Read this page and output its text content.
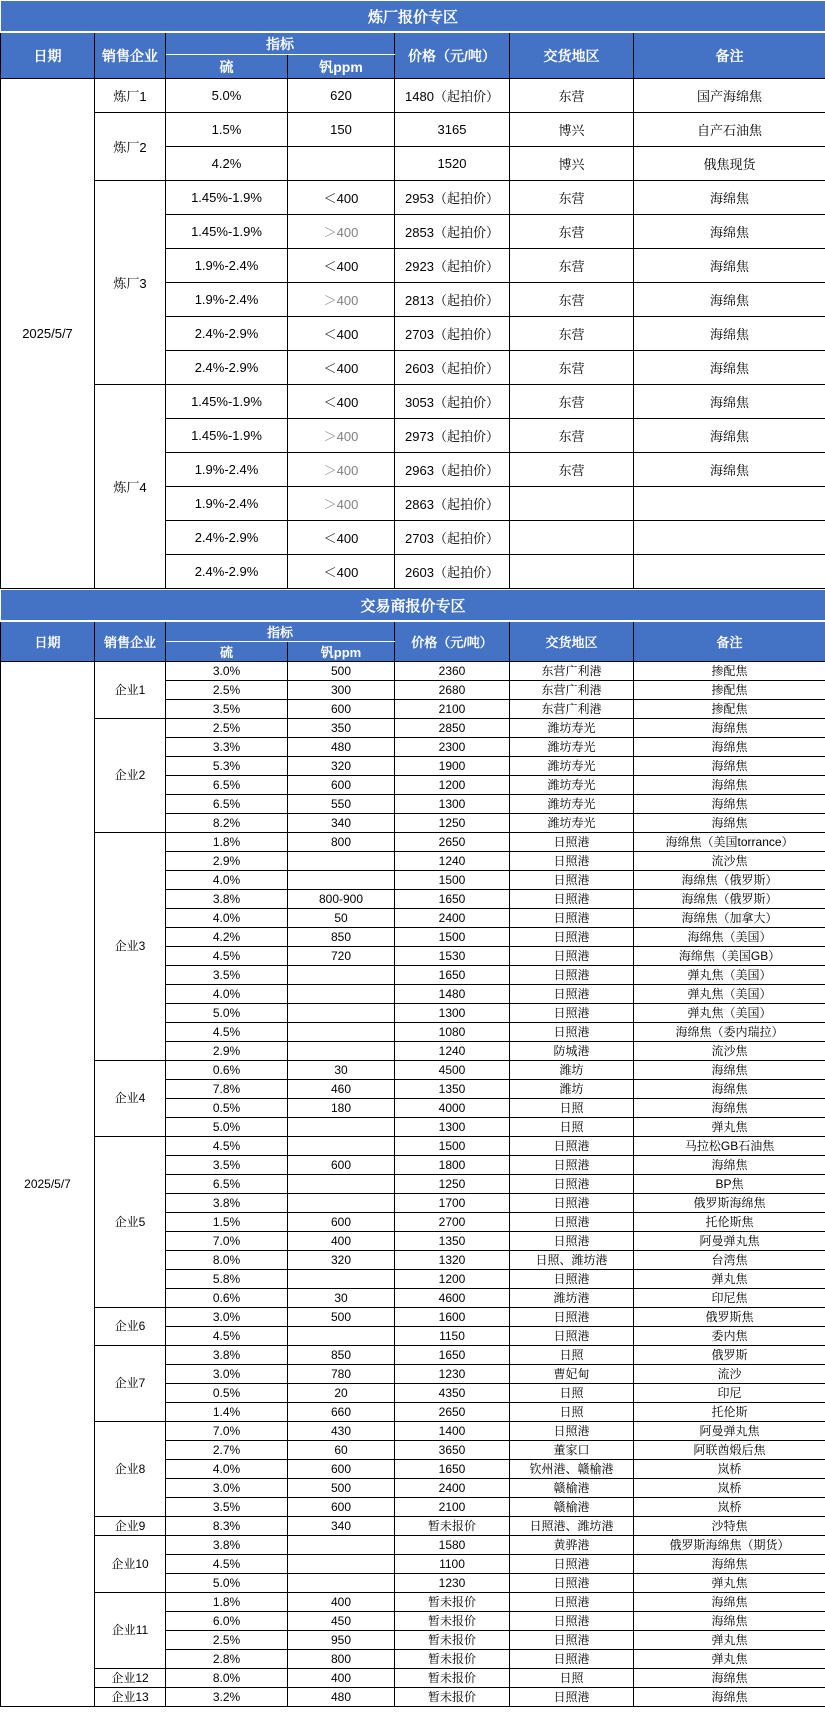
炼厂报价专区						
日期	销售企业	指标		价格（元/吨）	交货地区	备注
		硫	钒ppm			
2025/5/7	炼厂1	5.0%	620	1480（起拍价）	东营	国产海绵焦
	炼厂2	1.5%	150	3165	博兴	自产石油焦
		4.2%		1520	博兴	俄焦现货
	炼厂3	1.45%-1.9%	＜400	2953（起拍价）	东营	海绵焦
		1.45%-1.9%	＞400	2853（起拍价）	东营	海绵焦
		1.9%-2.4%	＜400	2923（起拍价）	东营	海绵焦
		1.9%-2.4%	＞400	2813（起拍价）	东营	海绵焦
		2.4%-2.9%	＜400	2703（起拍价）	东营	海绵焦
		2.4%-2.9%	＜400	2603（起拍价）	东营	海绵焦
	炼厂4	1.45%-1.9%	＜400	3053（起拍价）	东营	海绵焦
		1.45%-1.9%	＞400	2973（起拍价）	东营	海绵焦
		1.9%-2.4%	＞400	2963（起拍价）	东营	海绵焦
		1.9%-2.4%	＞400	2863（起拍价）		
		2.4%-2.9%	＜400	2703（起拍价）		
		2.4%-2.9%	＜400	2603（起拍价）		
交易商报价专区						
日期	销售企业	指标		价格（元/吨）	交货地区	备注
		硫	钒ppm			
2025/5/7	企业1	3.0%	500	2360	东营广利港	掺配焦
		2.5%	300	2680	东营广利港	掺配焦
		3.5%	600	2100	东营广利港	掺配焦
	企业2	2.5%	350	2850	潍坊寿光	海绵焦
		3.3%	480	2300	潍坊寿光	海绵焦
		5.3%	320	1900	潍坊寿光	海绵焦
		6.5%	600	1200	潍坊寿光	海绵焦
		6.5%	550	1300	潍坊寿光	海绵焦
		8.2%	340	1250	潍坊寿光	海绵焦
	企业3	1.8%	800	2650	日照港	海绵焦（美国torrance）
		2.9%		1240	日照港	流沙焦
		4.0%		1500	日照港	海绵焦（俄罗斯）
		3.8%	800-900	1650	日照港	海绵焦（俄罗斯）
		4.0%	50	2400	日照港	海绵焦（加拿大）
		4.2%	850	1500	日照港	海绵焦（美国）
		4.5%	720	1530	日照港	海绵焦（美国GB）
		3.5%		1650	日照港	弹丸焦（美国）
		4.0%		1480	日照港	弹丸焦（美国）
		5.0%		1300	日照港	弹丸焦（美国）
		4.5%		1080	日照港	海绵焦（委内瑞拉）
		2.9%		1240	防城港	流沙焦
	企业4	0.6%	30	4500	潍坊	海绵焦
		7.8%	460	1350	潍坊	海绵焦
		0.5%	180	4000	日照	海绵焦
		5.0%		1300	日照	弹丸焦
	企业5	4.5%		1500	日照港	马拉松GB石油焦
		3.5%	600	1800	日照港	海绵焦
		6.5%		1250	日照港	BP焦
		3.8%		1700	日照港	俄罗斯海绵焦
		1.5%	600	2700	日照港	托伦斯焦
		7.0%	400	1350	日照港	阿曼弹丸焦
		8.0%	320	1320	日照、潍坊港	台湾焦
		5.8%		1200	日照港	弹丸焦
		0.6%	30	4600	潍坊港	印尼焦
	企业6	3.0%	500	1600	日照港	俄罗斯焦
		4.5%		1150	日照港	委内焦
	企业7	3.8%	850	1650	日照	俄罗斯
		3.0%	780	1230	曹妃甸	流沙
		0.5%	20	4350	日照	印尼
		1.4%	660	2650	日照	托伦斯
	企业8	7.0%	430	1400	日照港	阿曼弹丸焦
		2.7%	60	3650	董家口	阿联酋煅后焦
		4.0%	600	1650	钦州港、赣榆港	岚桥
		3.0%	500	2400	赣榆港	岚桥
		3.5%	600	2100	赣榆港	岚桥
	企业9	8.3%	340	暂未报价	日照港、潍坊港	沙特焦
	企业10	3.8%		1580	黄骅港	俄罗斯海绵焦（期货）
		4.5%		1100	日照港	海绵焦
		5.0%		1230	日照港	弹丸焦
	企业11	1.8%	400	暂未报价	日照港	海绵焦
		6.0%	450	暂未报价	日照港	海绵焦
		2.5%	950	暂未报价	日照港	弹丸焦
		2.8%	800	暂未报价	日照港	弹丸焦
	企业12	8.0%	400	暂未报价	日照	海绵焦
	企业13	3.2%	480	暂未报价	日照港	海绵焦
